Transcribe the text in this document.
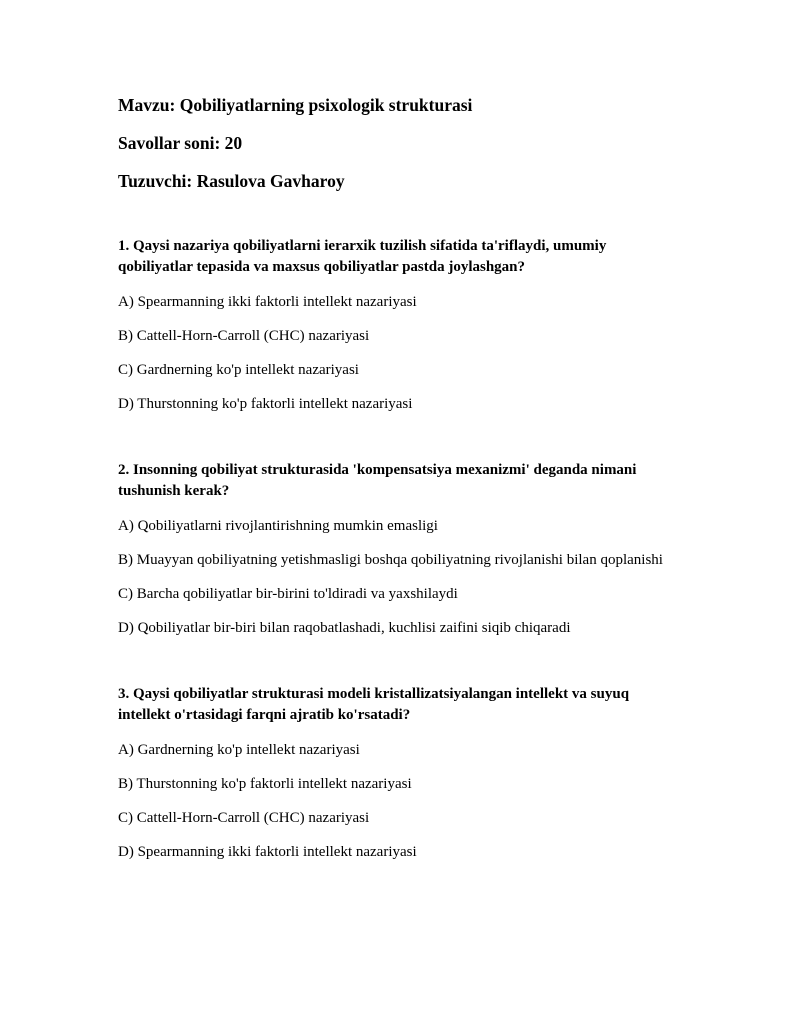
Mavzu: Qobiliyatlarning psixologik strukturasi
Savollar soni: 20
Tuzuvchi: Rasulova Gavharoy
1. Qaysi nazariya qobiliyatlarni ierarxik tuzilish sifatida ta'riflaydi, umumiy qobiliyatlar tepasida va maxsus qobiliyatlar pastda joylashgan?
A) Spearmanning ikki faktorli intellekt nazariyasi
B) Cattell-Horn-Carroll (CHC) nazariyasi
C) Gardnerning ko'p intellekt nazariyasi
D) Thurstonning ko'p faktorli intellekt nazariyasi
2. Insonning qobiliyat strukturasida 'kompensatsiya mexanizmi' deganda nimani tushunish kerak?
A) Qobiliyatlarni rivojlantirishning mumkin emasligi
B) Muayyan qobiliyatning yetishmasligi boshqa qobiliyatning rivojlanishi bilan qoplanishi
C) Barcha qobiliyatlar bir-birini to'ldiradi va yaxshilaydi
D) Qobiliyatlar bir-biri bilan raqobatlashadi, kuchlisi zaifini siqib chiqaradi
3. Qaysi qobiliyatlar strukturasi modeli kristallizatsiyalangan intellekt va suyuq intellekt o'rtasidagi farqni ajratib ko'rsatadi?
A) Gardnerning ko'p intellekt nazariyasi
B) Thurstonning ko'p faktorli intellekt nazariyasi
C) Cattell-Horn-Carroll (CHC) nazariyasi
D) Spearmanning ikki faktorli intellekt nazariyasi
